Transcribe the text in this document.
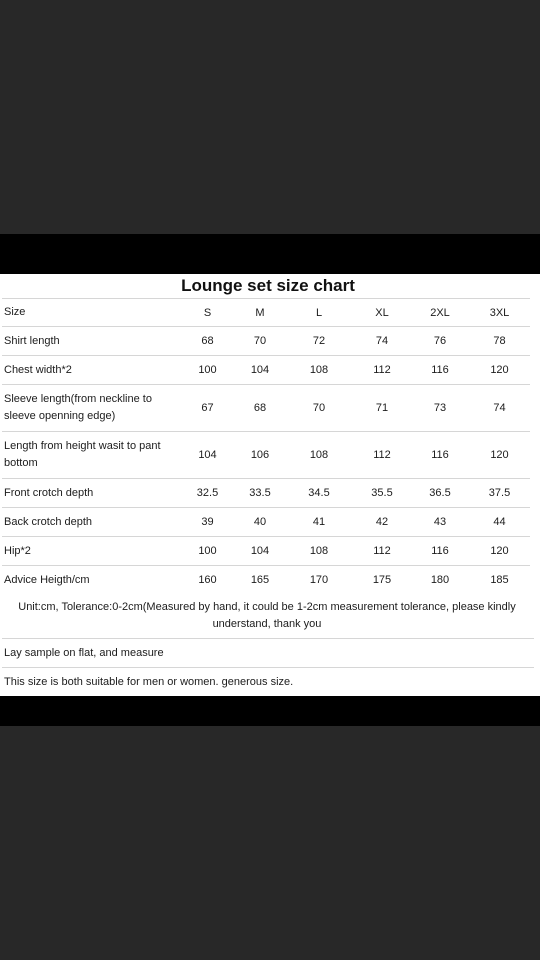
Lounge set size chart
Size	S	M	L	XL	2XL	3XL
Shirt length	68	70	72	74	76	78
Chest width*2	100	104	108	112	116	120
Sleeve length(from neckline to sleeve openning edge)	67	68	70	71	73	74
Length from height wasit to pant bottom	104	106	108	112	116	120
Front crotch depth	32.5	33.5	34.5	35.5	36.5	37.5
Back crotch depth	39	40	41	42	43	44
Hip*2	100	104	108	112	116	120
Advice Heigth/cm	160	165	170	175	180	185
Unit:cm, Tolerance:0-2cm(Measured by hand, it could be 1-2cm measurement tolerance, please kindly understand, thank you
Lay sample on flat, and measure
This size is both suitable for men or women. generous size.
